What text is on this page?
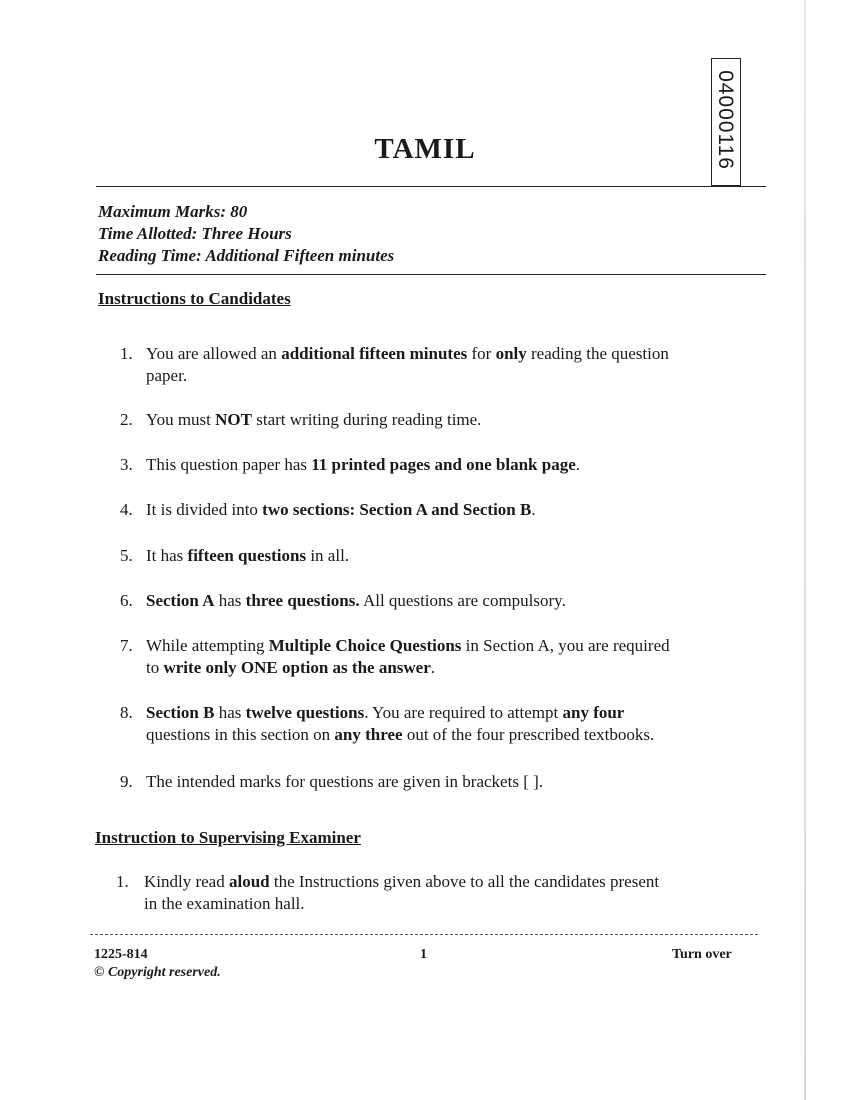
04000116
TAMIL
Maximum Marks: 80
Time Allotted: Three Hours
Reading Time: Additional Fifteen minutes
Instructions to Candidates
1. You are allowed an additional fifteen minutes for only reading the question
paper.
2. You must NOT start writing during reading time.
3. This question paper has 11 printed pages and one blank page.
4. It is divided into two sections: Section A and Section B.
5. It has fifteen questions in all.
6. Section A has three questions. All questions are compulsory.
7. While attempting Multiple Choice Questions in Section A, you are required
to write only ONE option as the answer.
8. Section B has twelve questions. You are required to attempt any four
questions in this section on any three out of the four prescribed textbooks.
9. The intended marks for questions are given in brackets [ ].
Instruction to Supervising Examiner
1. Kindly read aloud the Instructions given above to all the candidates present
in the examination hall.
1225-814
© Copyright reserved.
1	Turn over
